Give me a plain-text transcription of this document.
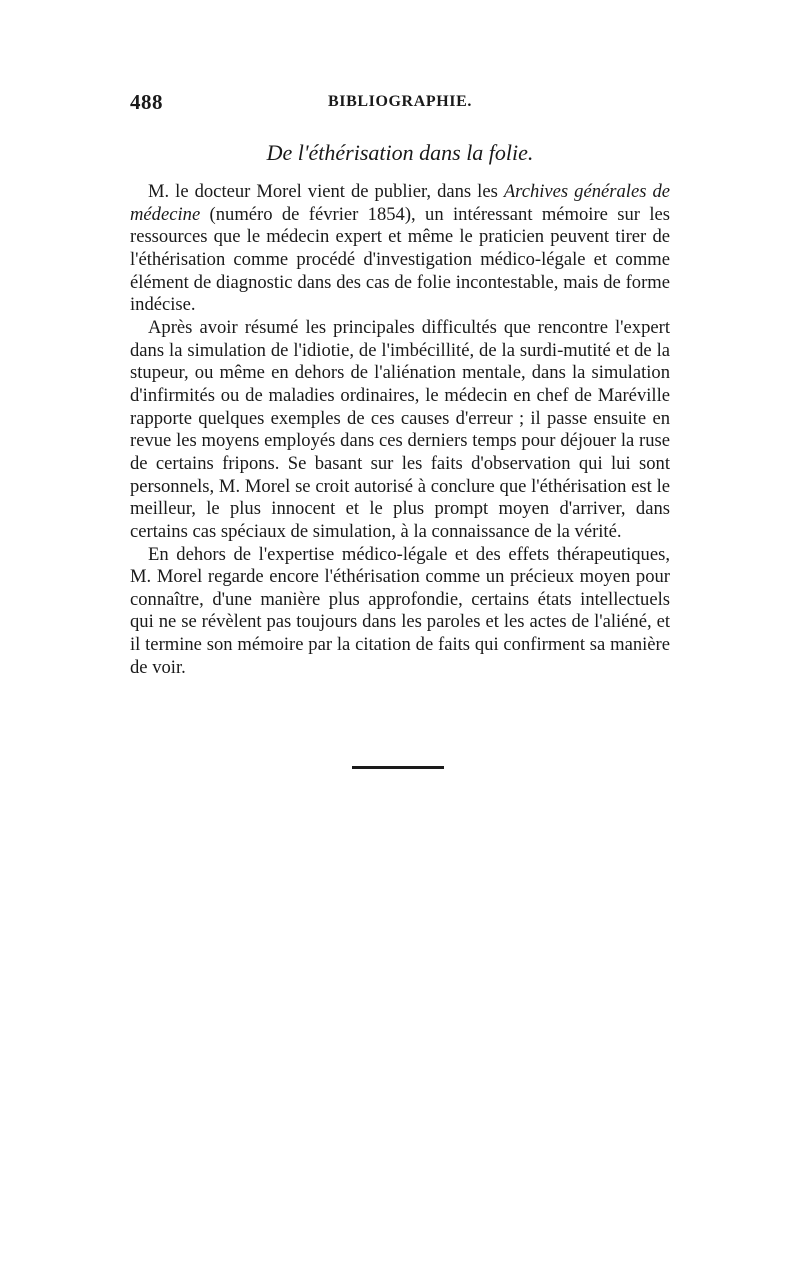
488	BIBLIOGRAPHIE.
De l'éthérisation dans la folie.

M. le docteur Morel vient de publier, dans les Archives générales de médecine (numéro de février 1854), un intéressant mémoire sur les ressources que le médecin expert et même le praticien peuvent tirer de l'éthérisation comme procédé d'investigation médico-légale et comme élément de diagnostic dans des cas de folie incontestable, mais de forme indécise.

Après avoir résumé les principales difficultés que rencontre l'expert dans la simulation de l'idiotie, de l'imbécillité, de la surdi-mutité et de la stupeur, ou même en dehors de l'aliénation mentale, dans la simulation d'infirmités ou de maladies ordinaires, le médecin en chef de Maréville rapporte quelques exemples de ces causes d'erreur ; il passe ensuite en revue les moyens employés dans ces derniers temps pour déjouer la ruse de certains fripons. Se basant sur les faits d'observation qui lui sont personnels, M. Morel se croit autorisé à conclure que l'éthérisation est le meilleur, le plus innocent et le plus prompt moyen d'arriver, dans certains cas spéciaux de simulation, à la connaissance de la vérité.

En dehors de l'expertise médico-légale et des effets thérapeutiques, M. Morel regarde encore l'éthérisation comme un précieux moyen pour connaître, d'une manière plus approfondie, certains états intellectuels qui ne se révèlent pas toujours dans les paroles et les actes de l'aliéné, et il termine son mémoire par la citation de faits qui confirment sa manière de voir.
